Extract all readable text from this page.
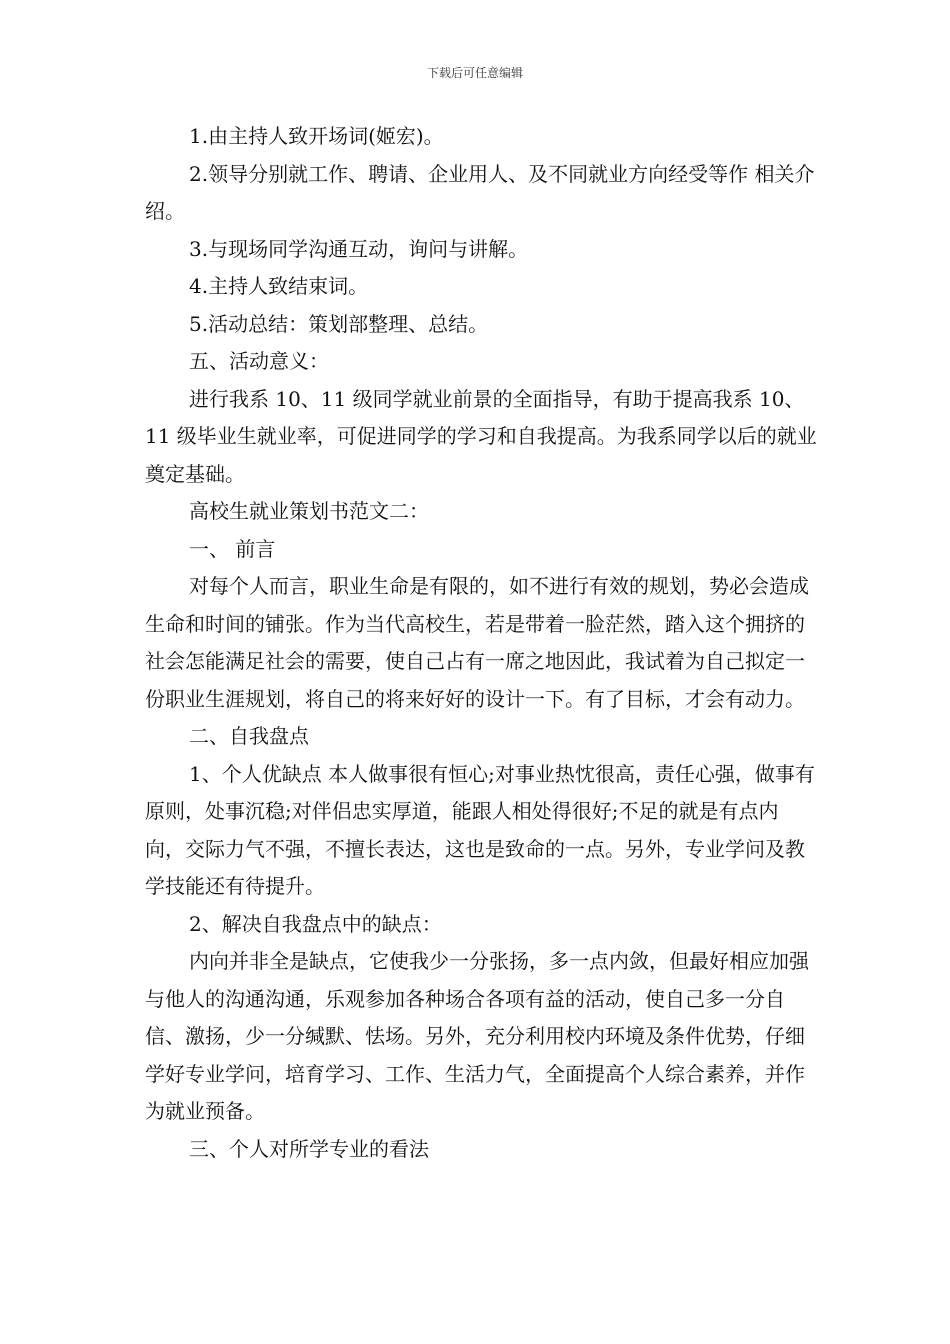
下载后可任意编辑

1.由主持人致开场词(姬宏)。

2.领导分别就工作、聘请、企业用人、及不同就业方向经受等作 相关介绍。

3.与现场同学沟通互动，询问与讲解。

4.主持人致结束词。

5.活动总结：策划部整理、总结。

五、活动意义：

进行我系 10、11 级同学就业前景的全面指导，有助于提高我系 10、11 级毕业生就业率，可促进同学的学习和自我提高。为我系同学以后的就业奠定基础。

高校生就业策划书范文二：

一、 前言

对每个人而言，职业生命是有限的，如不进行有效的规划，势必会造成生命和时间的铺张。作为当代高校生，若是带着一脸茫然，踏入这个拥挤的社会怎能满足社会的需要，使自己占有一席之地因此，我试着为自己拟定一份职业生涯规划，将自己的将来好好的设计一下。有了目标，才会有动力。

二、自我盘点

1、个人优缺点 本人做事很有恒心;对事业热忱很高，责任心强，做事有原则，处事沉稳;对伴侣忠实厚道，能跟人相处得很好;不足的就是有点内向，交际力气不强，不擅长表达，这也是致命的一点。另外，专业学问及教学技能还有待提升。

2、解决自我盘点中的缺点：

内向并非全是缺点，它使我少一分张扬，多一点内敛，但最好相应加强与他人的沟通沟通，乐观参加各种场合各项有益的活动，使自己多一分自信、激扬，少一分缄默、怯场。另外，充分利用校内环境及条件优势，仔细学好专业学问，培育学习、工作、生活力气，全面提高个人综合素养，并作为就业预备。

三、个人对所学专业的看法
